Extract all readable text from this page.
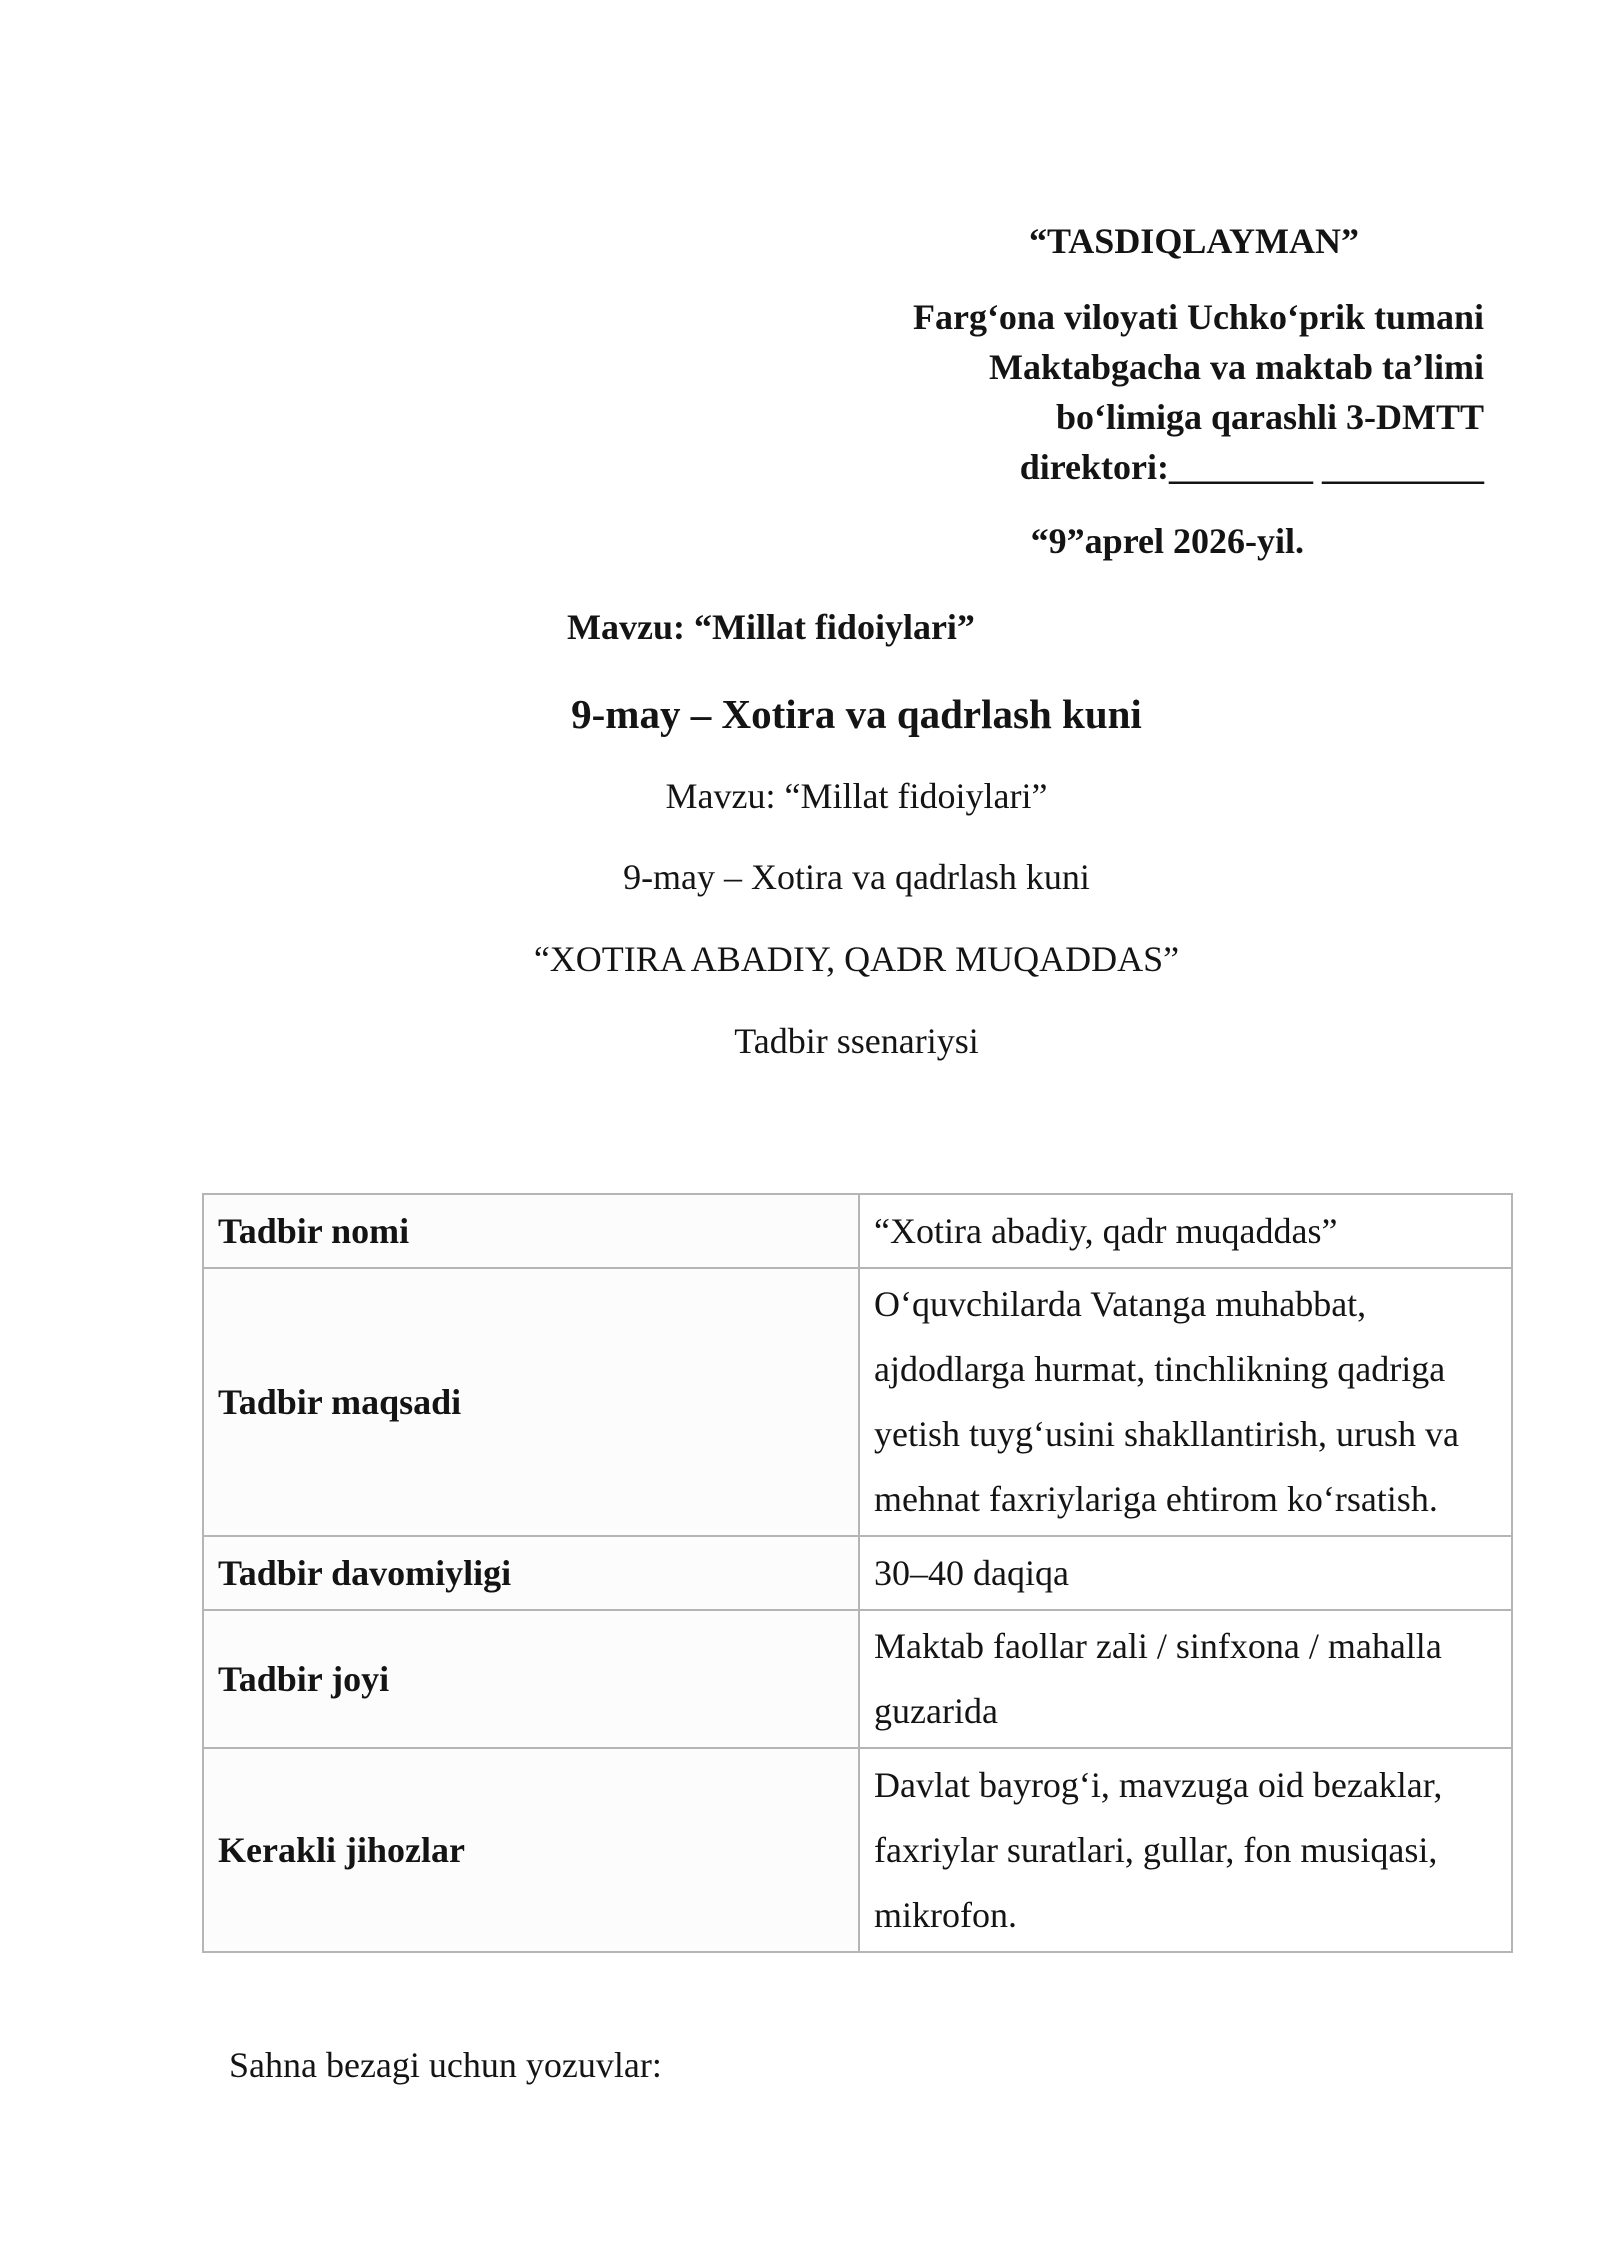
“TASDIQLAYMAN”
Farg‘ona viloyati Uchko‘prik tumani
Maktabgacha va maktab ta’limi
bo‘limiga qarashli 3-DMTT
direktori:________ _________
“9”aprel 2026-yil.
Mavzu: “Millat fidoiylari”
9-may – Xotira va qadrlash kuni
Mavzu: “Millat fidoiylari”
9-may – Xotira va qadrlash kuni
“XOTIRA ABADIY, QADR MUQADDAS”
Tadbir ssenariysi
Tadbir nomi	“Xotira abadiy, qadr muqaddas”
Tadbir maqsadi	O‘quvchilarda Vatanga muhabbat, ajdodlarga hurmat, tinchlikning qadriga yetish tuyg‘usini shakllantirish, urush va mehnat faxriylariga ehtirom ko‘rsatish.
Tadbir davomiyligi	30–40 daqiqa
Tadbir joyi	Maktab faollar zali / sinfxona / mahalla guzarida
Kerakli jihozlar	Davlat bayrog‘i, mavzuga oid bezaklar, faxriylar suratlari, gullar, fon musiqasi, mikrofon.
Sahna bezagi uchun yozuvlar:
